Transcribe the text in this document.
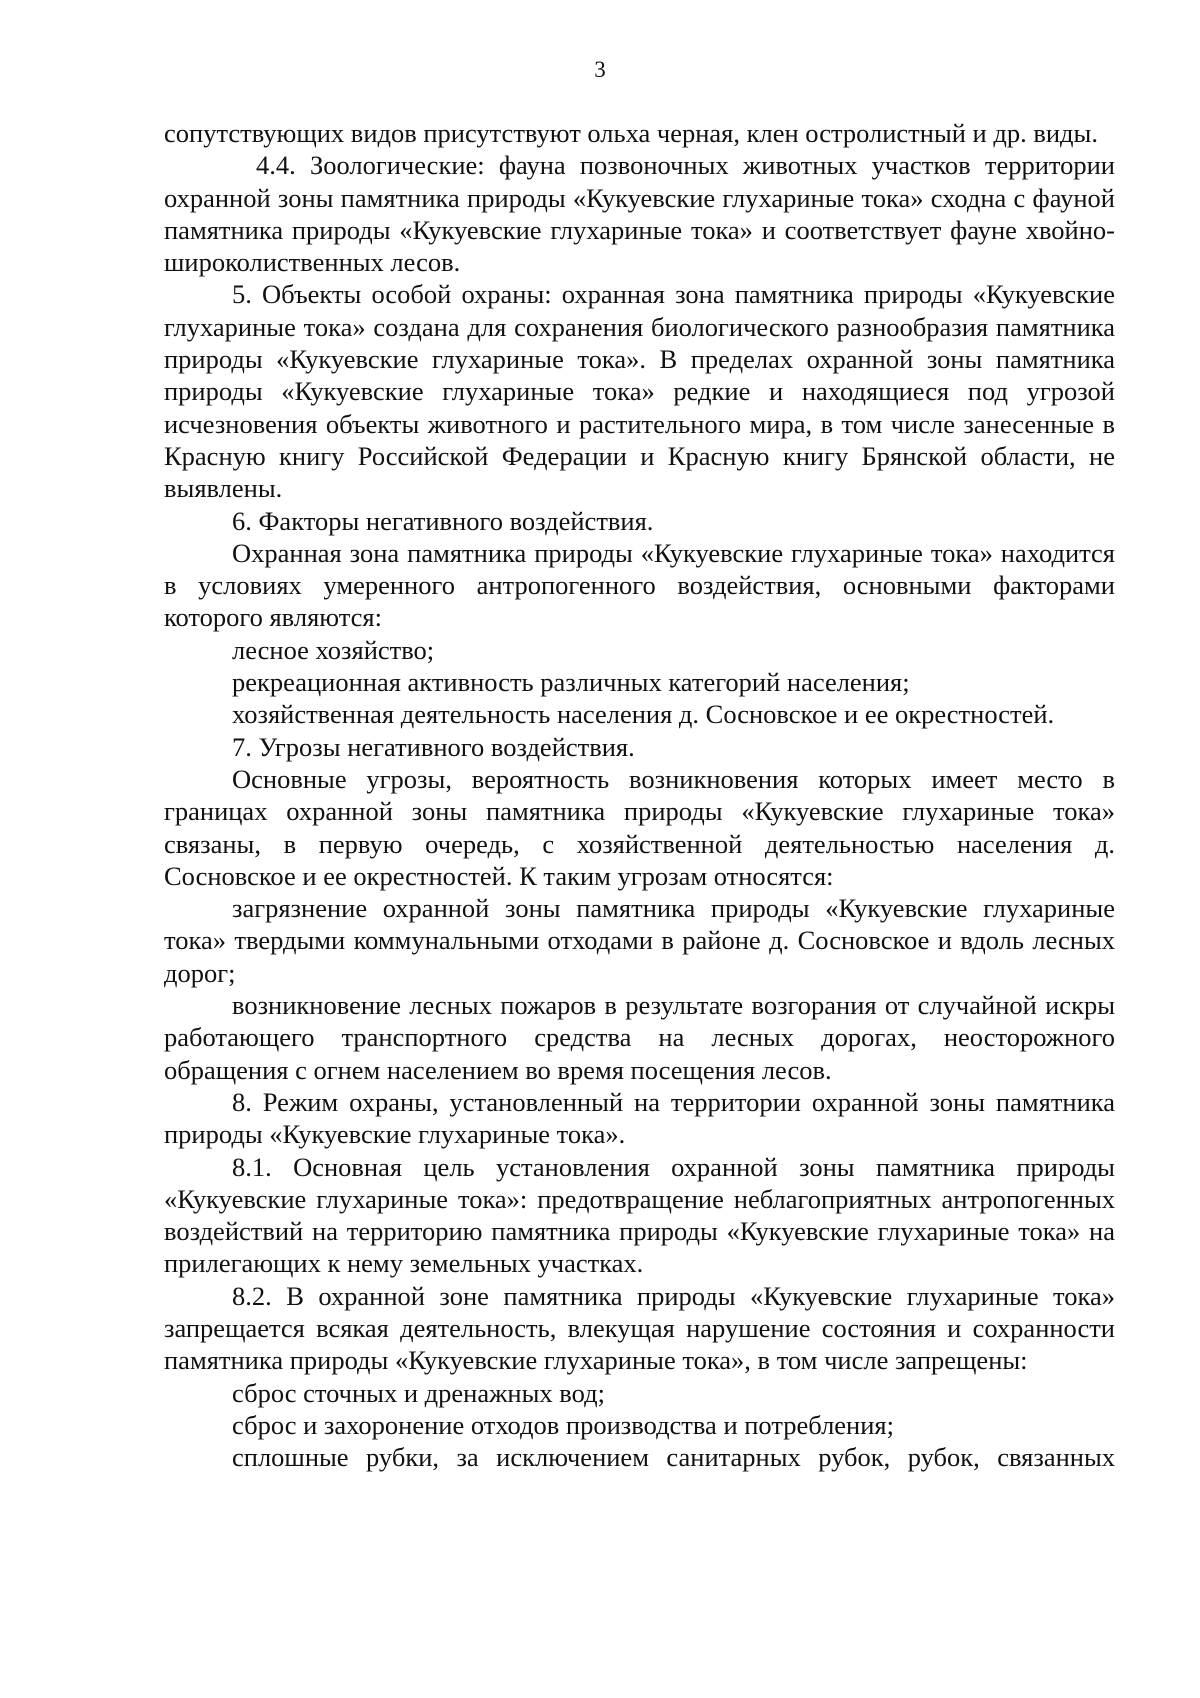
3

сопутствующих видов присутствуют ольха черная, клен остролистный и др. виды.

4.4. Зоологические: фауна позвоночных животных участков территории охранной зоны памятника природы «Кукуевские глухариные тока» сходна с фауной памятника природы «Кукуевские глухариные тока» и соответствует фауне хвойно-широколиственных лесов.

5. Объекты особой охраны: охранная зона памятника природы «Кукуевские глухариные тока» создана для сохранения биологического разнообразия памятника природы «Кукуевские глухариные тока». В пределах охранной зоны памятника природы «Кукуевские глухариные тока» редкие и находящиеся под угрозой исчезновения объекты животного и растительного мира, в том числе занесенные в Красную книгу Российской Федерации и Красную книгу Брянской области, не выявлены.

6. Факторы негативного воздействия.

Охранная зона памятника природы «Кукуевские глухариные тока» находится в условиях умеренного антропогенного воздействия, основными факторами которого являются:

лесное хозяйство;

рекреационная активность различных категорий населения;

хозяйственная деятельность населения д. Сосновское и ее окрестностей.

7. Угрозы негативного воздействия.

Основные угрозы, вероятность возникновения которых имеет место в границах охранной зоны памятника природы «Кукуевские глухариные тока» связаны, в первую очередь, с хозяйственной деятельностью населения д. Сосновское и ее окрестностей. К таким угрозам относятся:

загрязнение охранной зоны памятника природы «Кукуевские глухариные тока» твердыми коммунальными отходами в районе д. Сосновское и вдоль лесных дорог;

возникновение лесных пожаров в результате возгорания от случайной искры работающего транспортного средства на лесных дорогах, неосторожного обращения с огнем населением во время посещения лесов.

8. Режим охраны, установленный на территории охранной зоны памятника природы «Кукуевские глухариные тока».

8.1. Основная цель установления охранной зоны памятника природы «Кукуевские глухариные тока»: предотвращение неблагоприятных антропогенных воздействий на территорию памятника природы «Кукуевские глухариные тока» на прилегающих к нему земельных участках.

8.2. В охранной зоне памятника природы «Кукуевские глухариные тока» запрещается всякая деятельность, влекущая нарушение состояния и сохранности памятника природы «Кукуевские глухариные тока», в том числе запрещены:

сброс сточных и дренажных вод;

сброс и захоронение отходов производства и потребления;

сплошные рубки, за исключением санитарных рубок, рубок, связанных
